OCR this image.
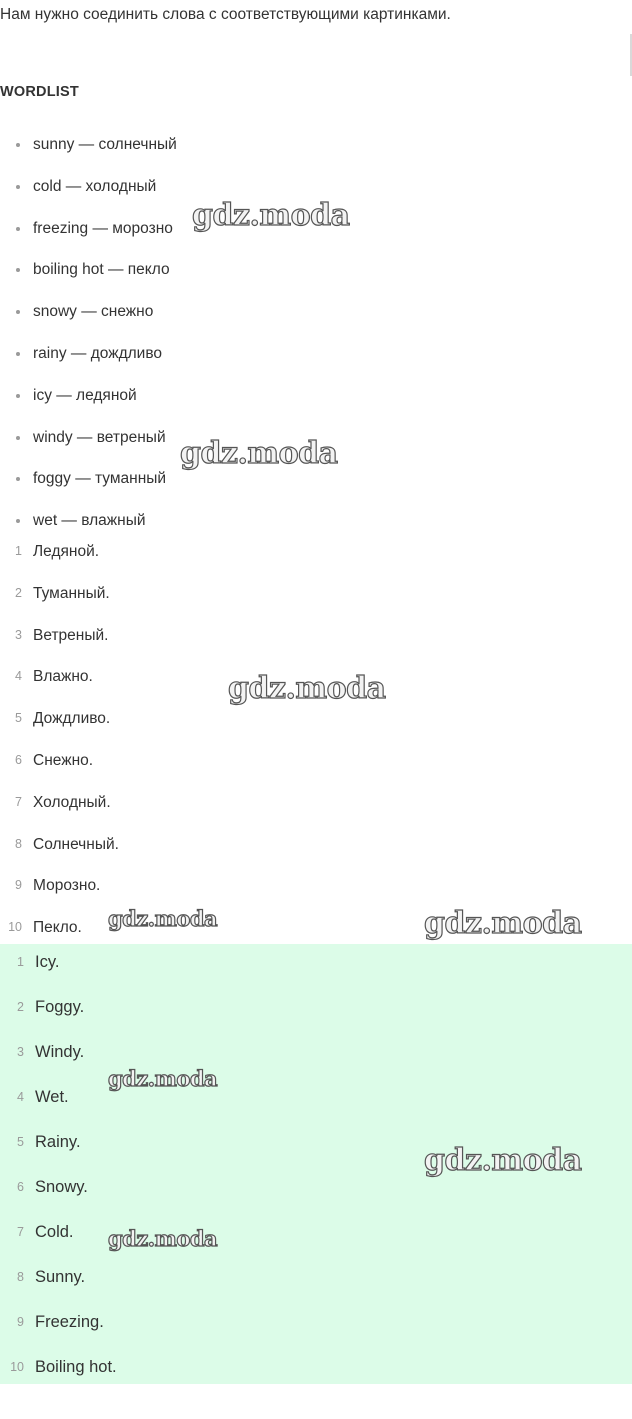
Нам нужно соединить слова с соответствующими картинками.
WORDLIST
sunny — солнечный
cold — холодный
freezing — морозно
boiling hot — пекло
snowy — снежно
rainy — дождливо
icy — ледяной
windy — ветреный
foggy — туманный
wet — влажный
1 Ледяной.
2 Туманный.
3 Ветреный.
4 Влажно.
5 Дождливо.
6 Снежно.
7 Холодный.
8 Солнечный.
9 Морозно.
10 Пекло.
1 Icy.
2 Foggy.
3 Windy.
4 Wet.
5 Rainy.
6 Snowy.
7 Cold.
8 Sunny.
9 Freezing.
10 Boiling hot.
gdz.moda
gdz.moda
gdz.moda
gdz.moda	gdz.moda
gdz.moda
gdz.moda
gdz.moda
